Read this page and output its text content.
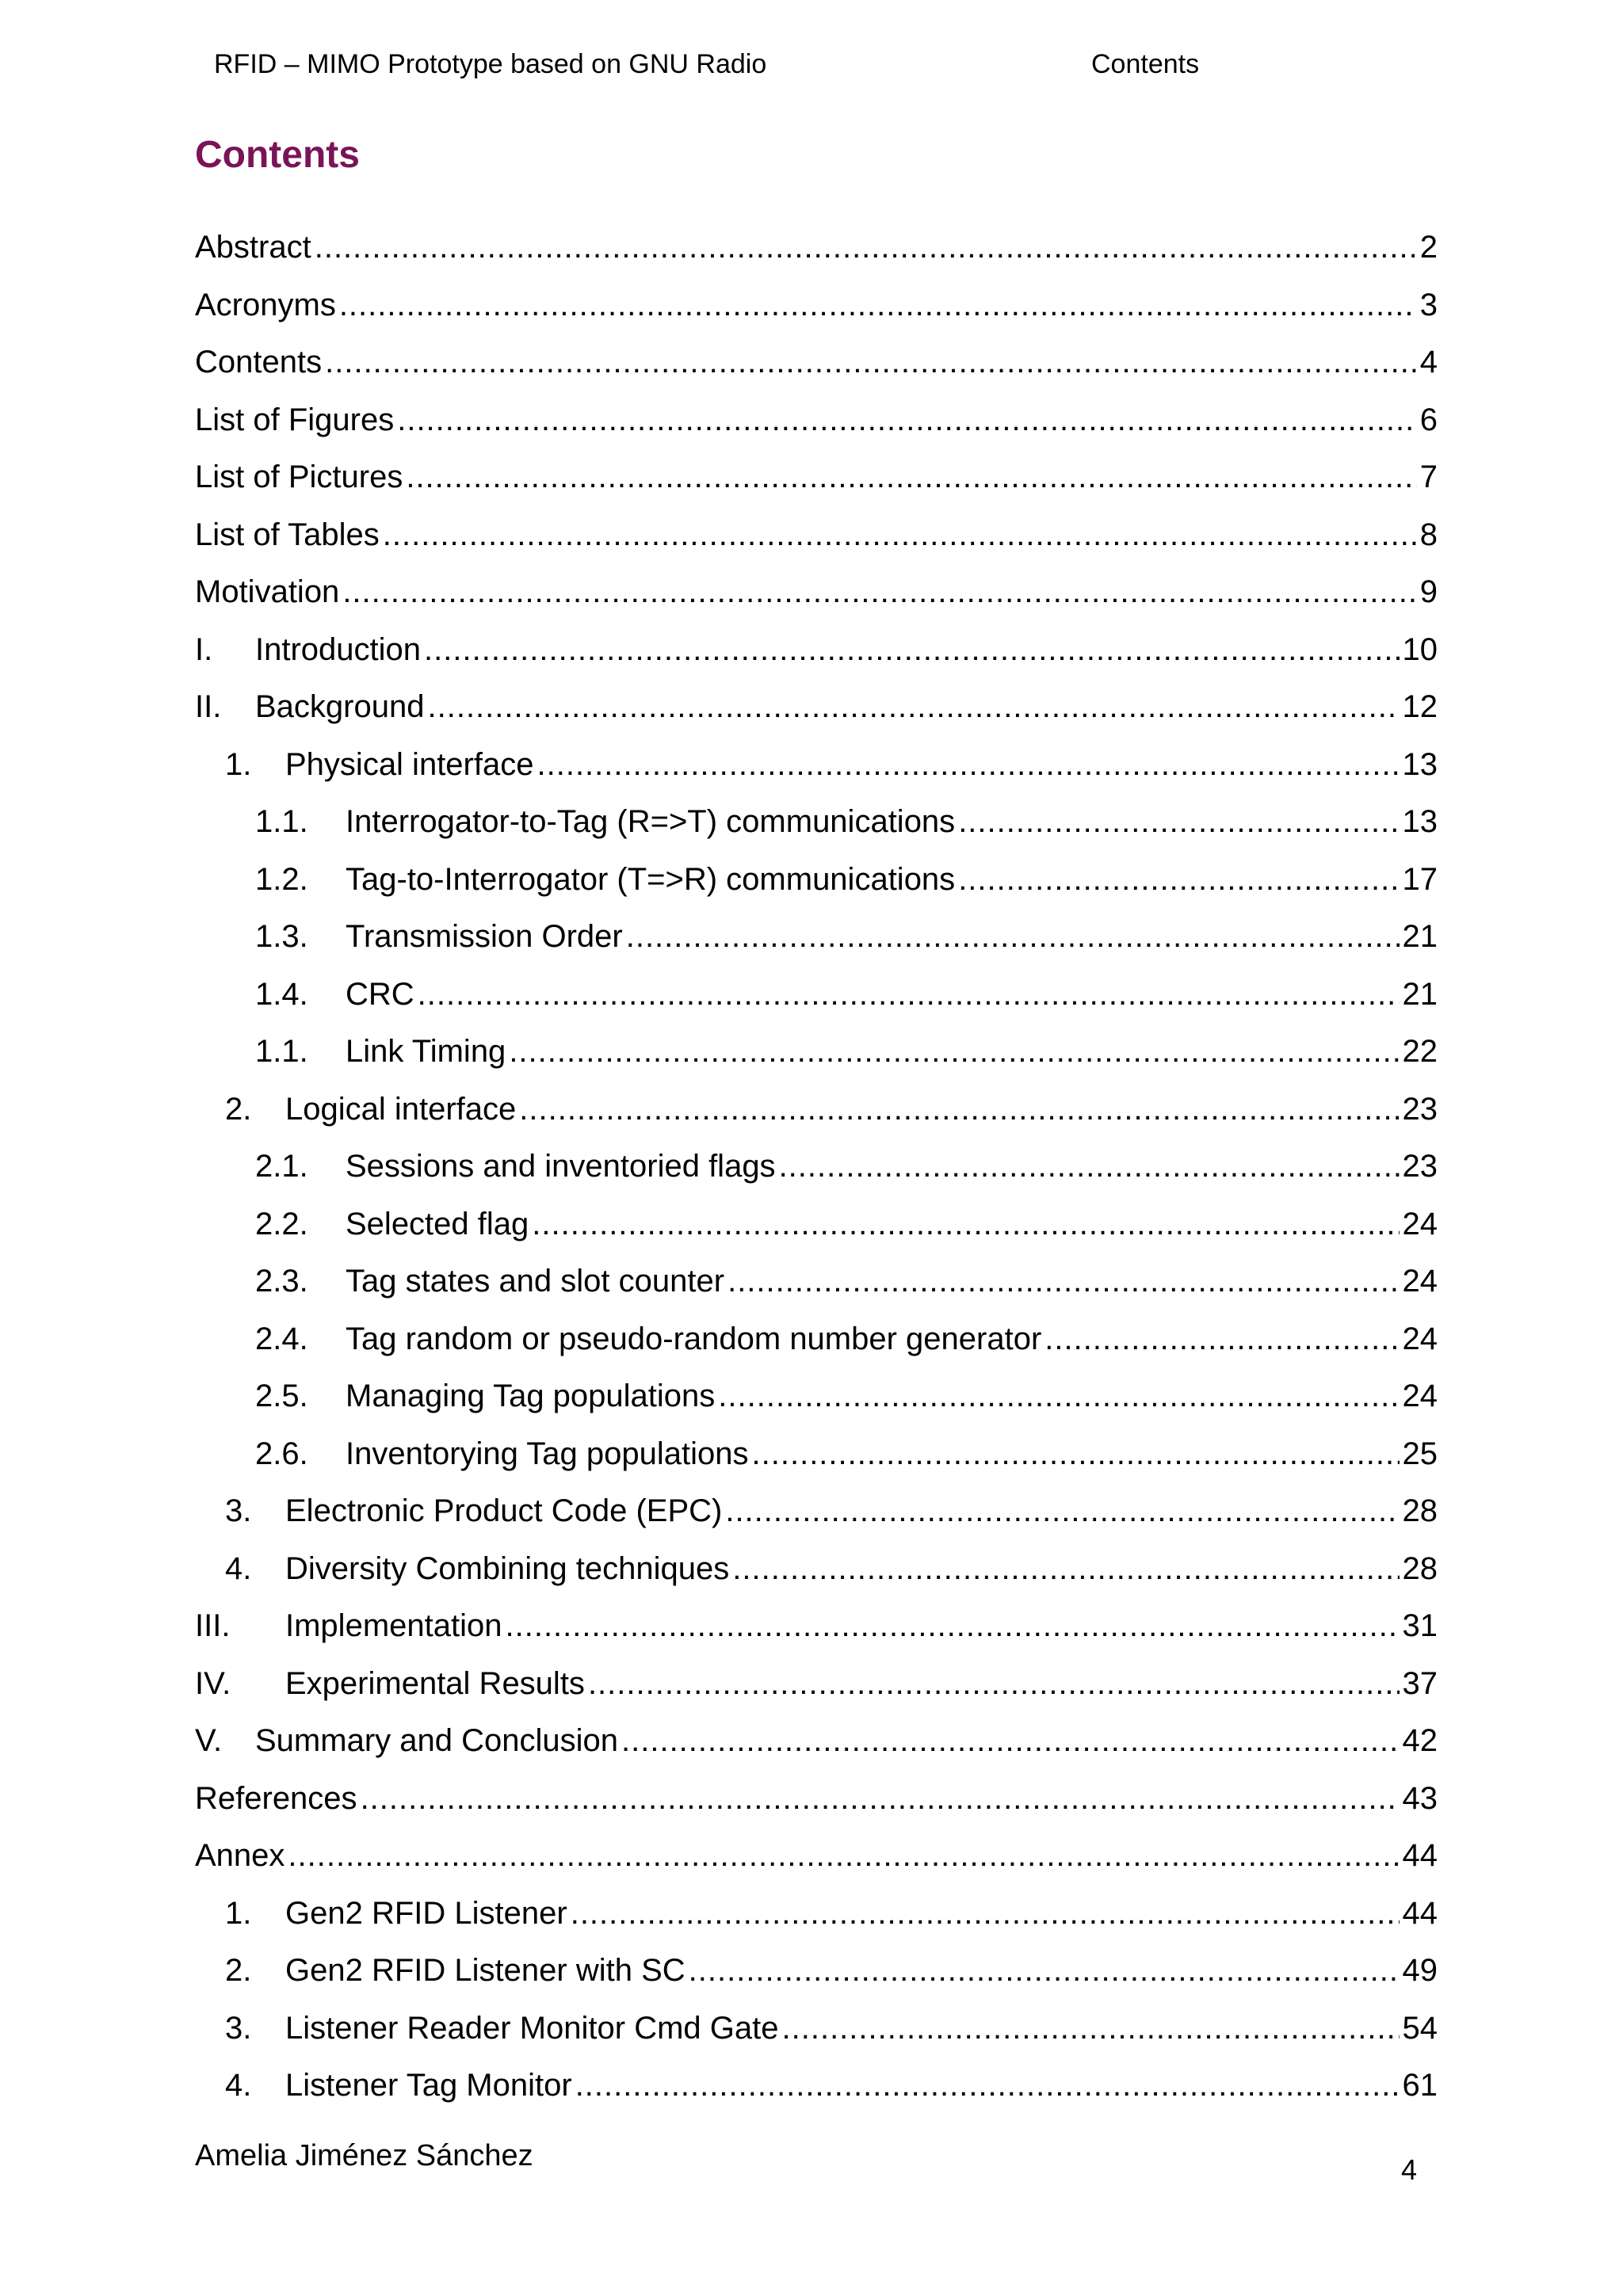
RFID – MIMO Prototype based on GNU Radio	Contents
Contents
Abstract .....	2
Acronyms .....	3
Contents .....	4
List of Figures .....	6
List of Pictures .....	7
List of Tables .....	8
Motivation .....	9
I.	Introduction .....	10
II.	Background .....	12
1.	Physical interface .....	13
1.1.	Interrogator-to-Tag (R=>T) communications .....	13
1.2.	Tag-to-Interrogator (T=>R) communications .....	17
1.3.	Transmission Order .....	21
1.4.	CRC .....	21
1.1.	Link Timing .....	22
2.	Logical interface .....	23
2.1.	Sessions and inventoried flags .....	23
2.2.	Selected flag .....	24
2.3.	Tag states and slot counter .....	24
2.4.	Tag random or pseudo-random number generator .....	24
2.5.	Managing Tag populations .....	24
2.6.	Inventorying Tag populations .....	25
3.	Electronic Product Code (EPC) .....	28
4.	Diversity Combining techniques .....	28
III.	Implementation .....	31
IV.	Experimental Results .....	37
V.	Summary and Conclusion .....	42
References .....	43
Annex .....	44
1.	Gen2 RFID Listener .....	44
2.	Gen2 RFID Listener with SC .....	49
3.	Listener Reader Monitor Cmd Gate .....	54
4.	Listener Tag Monitor .....	61
Amelia Jiménez Sánchez	4
